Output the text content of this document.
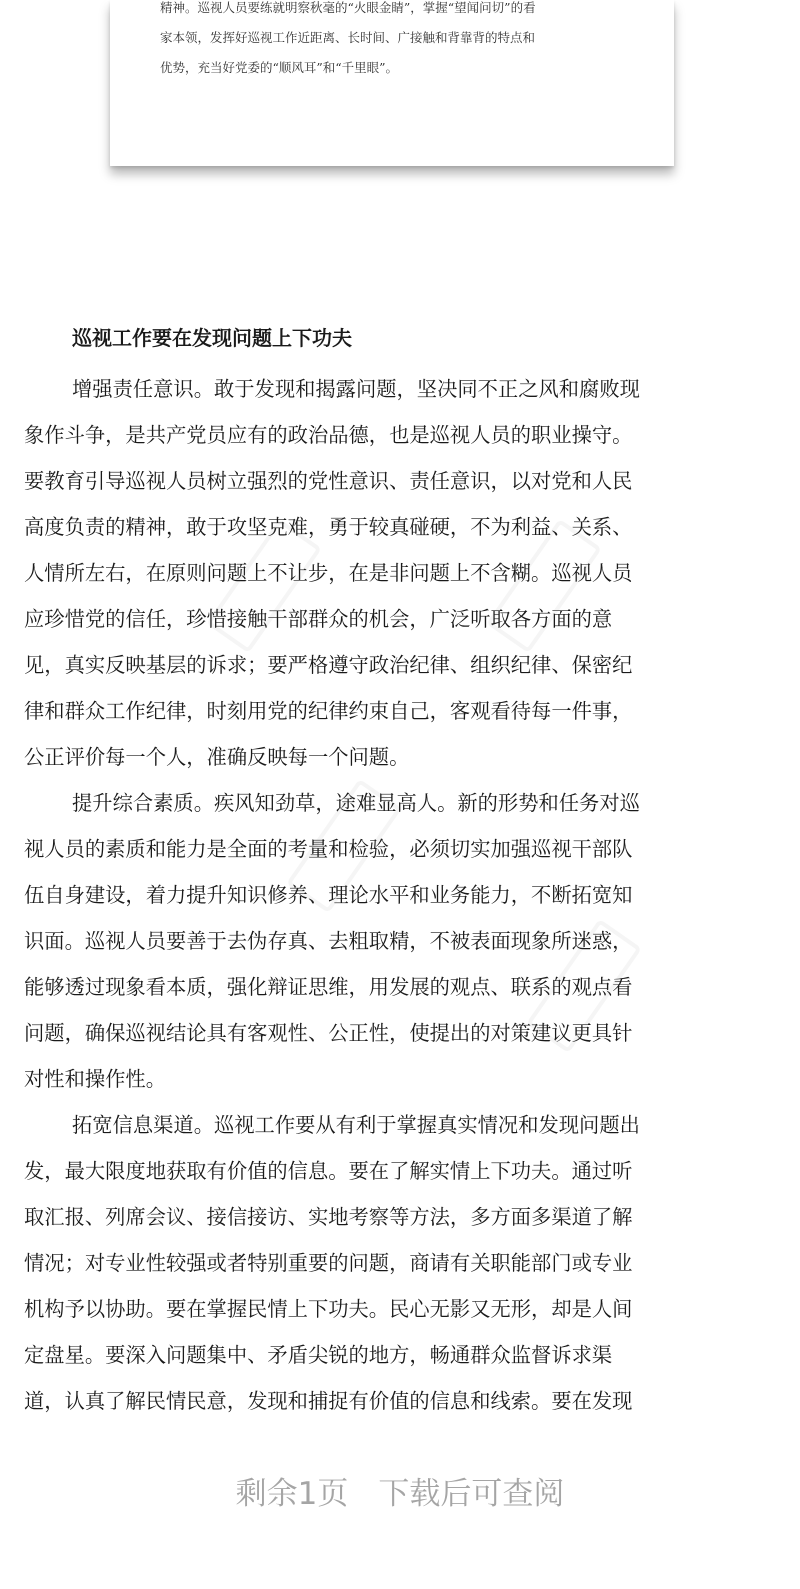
精神。巡视人员要练就明察秋毫的“火眼金睛”，掌握“望闻问切”的看
家本领，发挥好巡视工作近距离、长时间、广接触和背靠背的特点和
优势，充当好党委的“顺风耳”和“千里眼”。

巡视工作要在发现问题上下功夫
增强责任意识。敢于发现和揭露问题，坚决同不正之风和腐败现
象作斗争，是共产党员应有的政治品德，也是巡视人员的职业操守。
要教育引导巡视人员树立强烈的党性意识、责任意识，以对党和人民
高度负责的精神，敢于攻坚克难，勇于较真碰硬，不为利益、关系、
人情所左右，在原则问题上不让步，在是非问题上不含糊。巡视人员
应珍惜党的信任，珍惜接触干部群众的机会，广泛听取各方面的意
见，真实反映基层的诉求；要严格遵守政治纪律、组织纪律、保密纪
律和群众工作纪律，时刻用党的纪律约束自己，客观看待每一件事，
公正评价每一个人，准确反映每一个问题。
提升综合素质。疾风知劲草，途难显高人。新的形势和任务对巡
视人员的素质和能力是全面的考量和检验，必须切实加强巡视干部队
伍自身建设，着力提升知识修养、理论水平和业务能力，不断拓宽知
识面。巡视人员要善于去伪存真、去粗取精，不被表面现象所迷惑，
能够透过现象看本质，强化辩证思维，用发展的观点、联系的观点看
问题，确保巡视结论具有客观性、公正性，使提出的对策建议更具针
对性和操作性。
拓宽信息渠道。巡视工作要从有利于掌握真实情况和发现问题出
发，最大限度地获取有价值的信息。要在了解实情上下功夫。通过听
取汇报、列席会议、接信接访、实地考察等方法，多方面多渠道了解
情况；对专业性较强或者特别重要的问题，商请有关职能部门或专业
机构予以协助。要在掌握民情上下功夫。民心无影又无形，却是人间
定盘星。要深入问题集中、矛盾尖锐的地方，畅通群众监督诉求渠
道，认真了解民情民意，发现和捕捉有价值的信息和线索。要在发现

剩余1页 下载后可查阅
